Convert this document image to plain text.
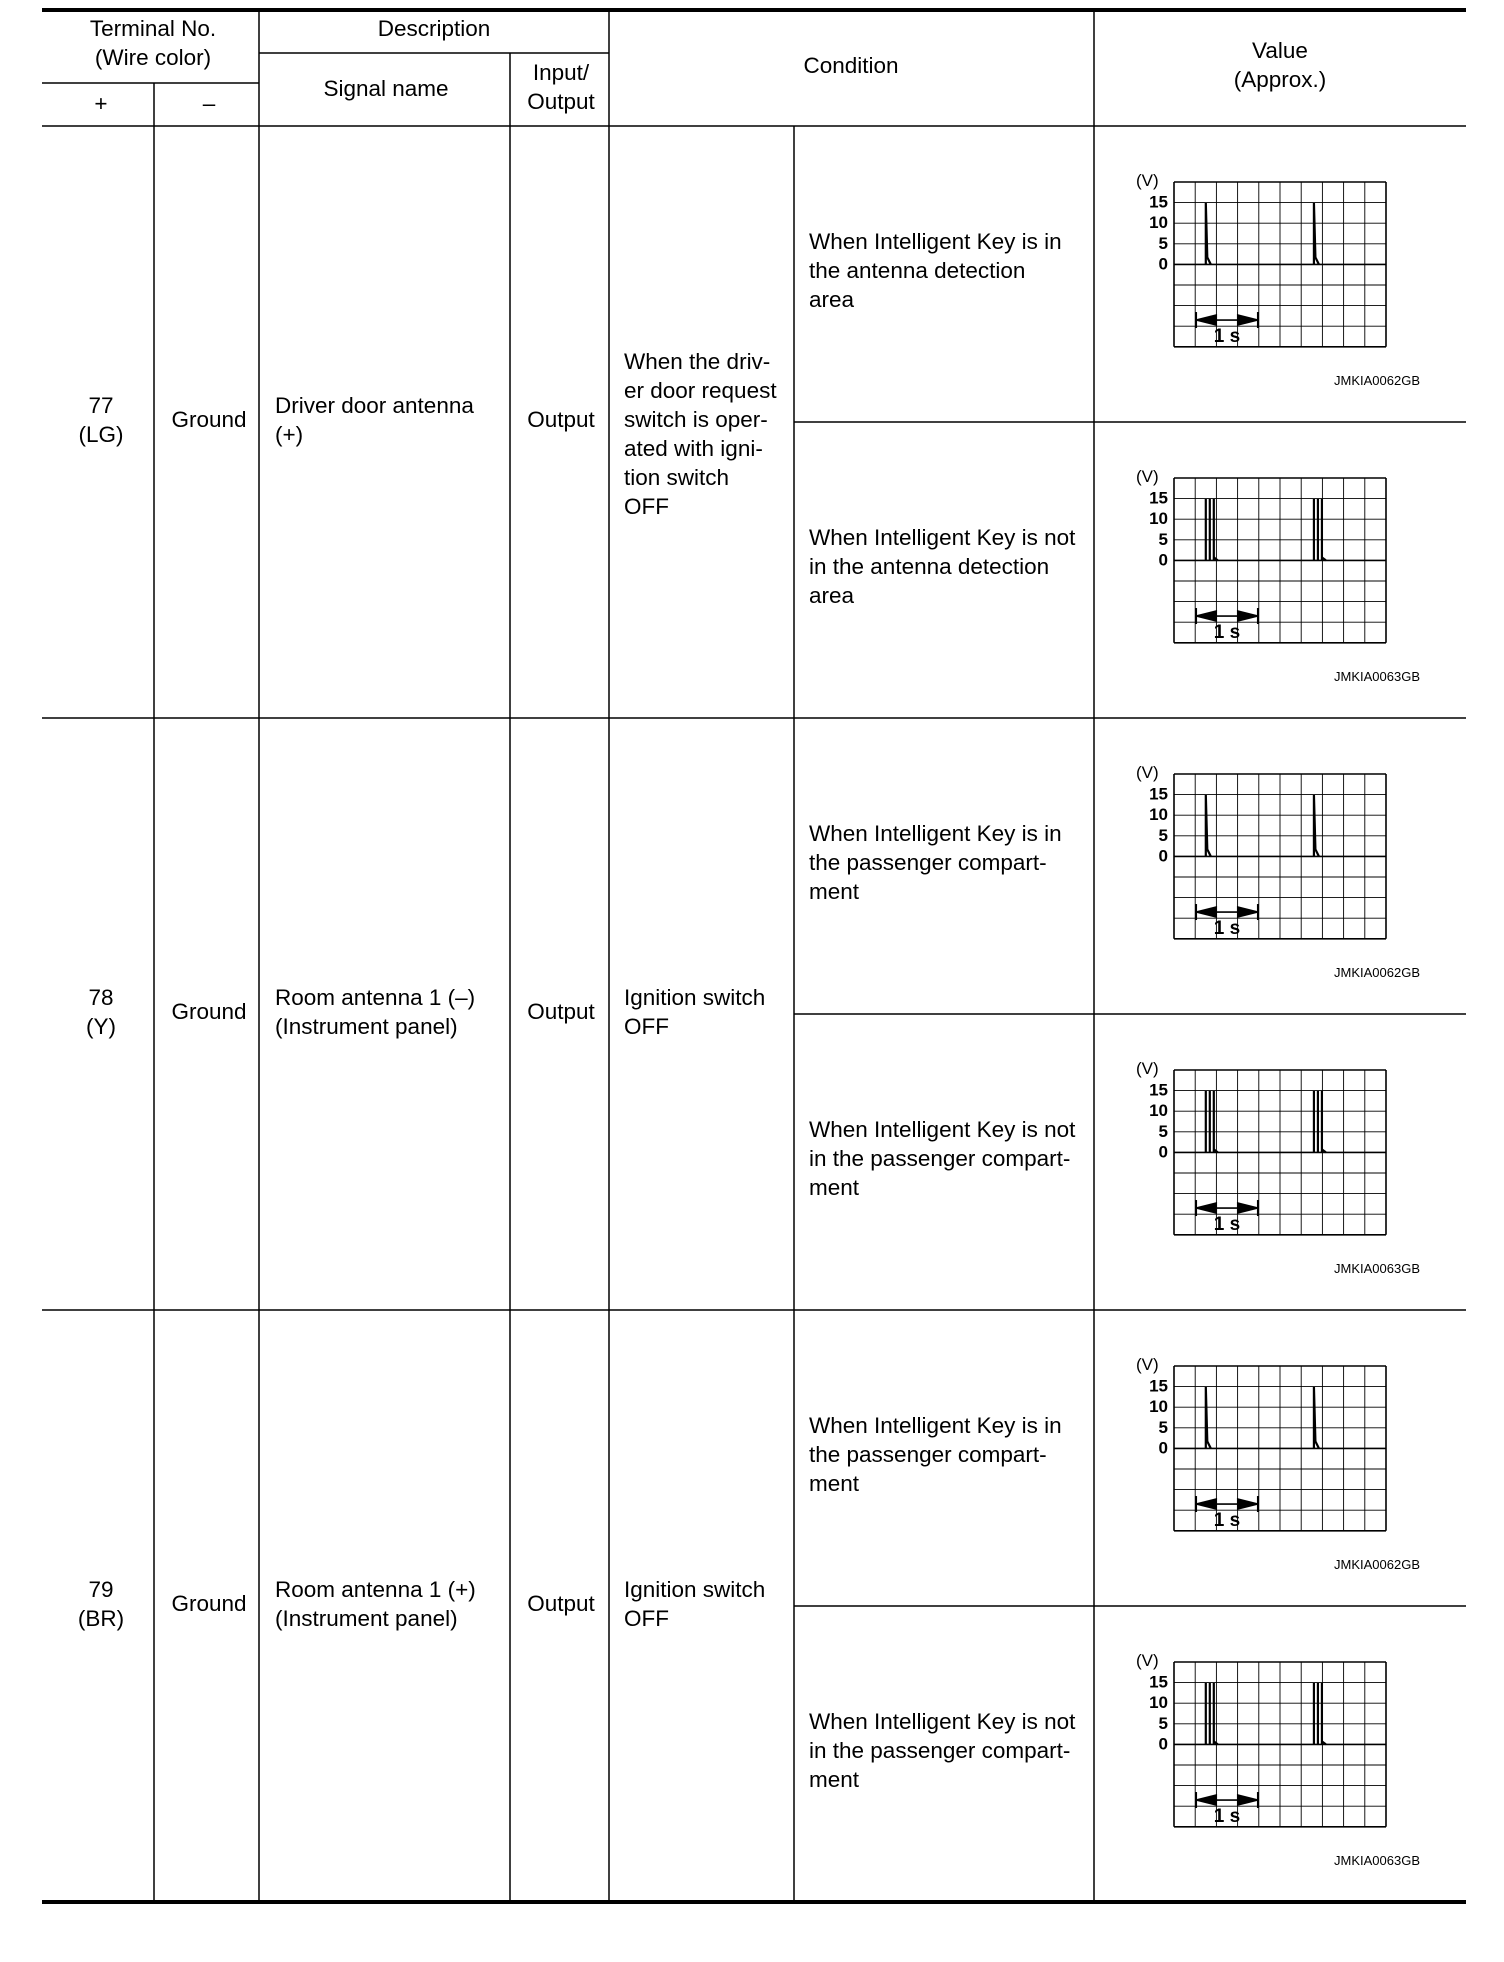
Terminal No.
(Wire color)
+	–
Description
Signal name
Input/
Output
Condition
Value
(Approx.)
77
(LG)
Ground
Driver door antenna
(+)
Output
When the driv-
er door request
switch is oper-
ated with igni-
tion switch
OFF
When Intelligent Key is in
the antenna detection
area
When Intelligent Key is not
in the antenna detection
area
78
(Y)
Ground
Room antenna 1 (–)
(Instrument panel)
Output
Ignition switch
OFF
When Intelligent Key is in
the passenger compart-
ment
When Intelligent Key is not
in the passenger compart-
ment
79
(BR)
Ground
Room antenna 1 (+)
(Instrument panel)
Output
Ignition switch
OFF
When Intelligent Key is in
the passenger compart-
ment
When Intelligent Key is not
in the passenger compart-
ment
(V)
15
10
5
0
1 s
JMKIA0062GB
(V)
15
10
5
0
1 s
JMKIA0063GB
(V)
15
10
5
0
1 s
JMKIA0062GB
(V)
15
10
5
0
1 s
JMKIA0063GB
(V)
15
10
5
0
1 s
JMKIA0062GB
(V)
15
10
5
0
1 s
JMKIA0063GB
